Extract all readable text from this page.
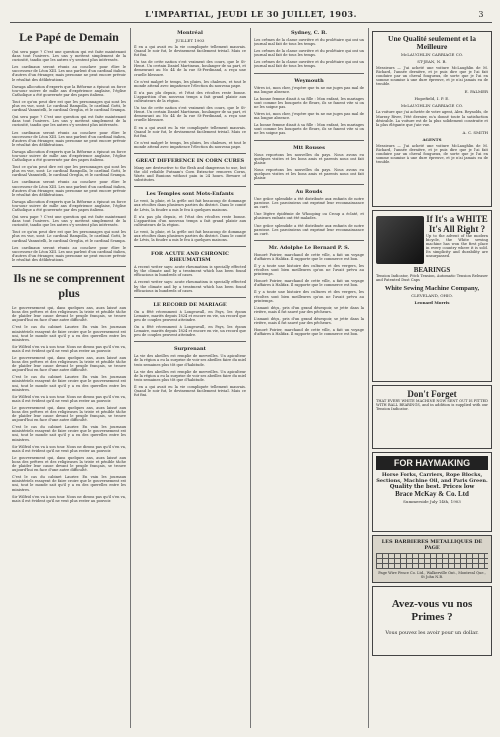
L'IMPARTIAL, JEUDI LE 30 JUILLET, 1903.	3
Le Papé de Demain

Qui sera pape ? C'est une question qui est faite maintenant dans tout l'univers. Les uns y mettent simplement de la curiosité, tandis que les autres s'y sentent plus intéressés.

Les cardinaux seront réunis au conclave pour élire le successeur de Léon XIII. Les uns parlent d'un cardinal italien, d'autres d'un étranger, mais personne ne peut encore prévoir le résultat des délibérations.

Davaga allocution d'experts que la Réforme a épiscat ou force tou-sour suivre de mille ans d'expérience anglaise, l'église Catholique a été gouvernée par des papes italiens.

Tout ce qu'on peut dire est que les personnages qui sont les plus en vue, sont: Le cardinal Rampolla, le cardinal Gotti, le cardinal Vannutelli, le cardinal Oreglia, et le cardinal Svampa.

Qui sera pape ? C'est une question qui est faite maintenant dans tout l'univers. Les uns y mettent simplement de la curiosité, tandis que les autres s'y sentent plus intéressés.

Les cardinaux seront réunis au conclave pour élire le successeur de Léon XIII. Les uns parlent d'un cardinal italien, d'autres d'un étranger, mais personne ne peut encore prévoir le résultat des délibérations.

Davaga allocution d'experts que la Réforme a épiscat ou force tou-sour suivre de mille ans d'expérience anglaise, l'église Catholique a été gouvernée par des papes italiens.

Tout ce qu'on peut dire est que les personnages qui sont les plus en vue, sont: Le cardinal Rampolla, le cardinal Gotti, le cardinal Vannutelli, le cardinal Oreglia, et le cardinal Svampa.

Les cardinaux seront réunis au conclave pour élire le successeur de Léon XIII. Les uns parlent d'un cardinal italien, d'autres d'un étranger, mais personne ne peut encore prévoir le résultat des délibérations.

Davaga allocution d'experts que la Réforme a épiscat ou force tou-sour suivre de mille ans d'expérience anglaise, l'église Catholique a été gouvernée par des papes italiens.

Qui sera pape ? C'est une question qui est faite maintenant dans tout l'univers. Les uns y mettent simplement de la curiosité, tandis que les autres s'y sentent plus intéressés.

Tout ce qu'on peut dire est que les personnages qui sont les plus en vue, sont: Le cardinal Rampolla, le cardinal Gotti, le cardinal Vannutelli, le cardinal Oreglia, et le cardinal Svampa.

Les cardinaux seront réunis au conclave pour élire le successeur de Léon XIII. Les uns parlent d'un cardinal italien, d'autres d'un étranger, mais personne ne peut encore prévoir le résultat des délibérations.

Ils ne se comprennent plus

Le gouvernement qui, dans quelques ans, aura laissé aux bons des prêtres et des religieuses la triste et pénible tâche de plaider leur cause devant le peuple français, se trouve aujourd'hui en face d'une autre difficulté.

C'est le cas du cabinet Laurier. En vain les journaux ministériels essayent de faire croire que le gouvernement est uni, tout le monde sait qu'il y a eu des querelles entre les ministres.

Sir Wilfrid s'en va à son tour. Nous ne dirons pas qu'il s'en va, mais il est évident qu'il ne veut plus rester au pouvoir.

Le gouvernement qui, dans quelques ans, aura laissé aux bons des prêtres et des religieuses la triste et pénible tâche de plaider leur cause devant le peuple français, se trouve aujourd'hui en face d'une autre difficulté.

C'est le cas du cabinet Laurier. En vain les journaux ministériels essayent de faire croire que le gouvernement est uni, tout le monde sait qu'il y a eu des querelles entre les ministres.

Sir Wilfrid s'en va à son tour. Nous ne dirons pas qu'il s'en va, mais il est évident qu'il ne veut plus rester au pouvoir.

Le gouvernement qui, dans quelques ans, aura laissé aux bons des prêtres et des religieuses la triste et pénible tâche de plaider leur cause devant le peuple français, se trouve aujourd'hui en face d'une autre difficulté.

C'est le cas du cabinet Laurier. En vain les journaux ministériels essayent de faire croire que le gouvernement est uni, tout le monde sait qu'il y a eu des querelles entre les ministres.

Sir Wilfrid s'en va à son tour. Nous ne dirons pas qu'il s'en va, mais il est évident qu'il ne veut plus rester au pouvoir.

Le gouvernement qui, dans quelques ans, aura laissé aux bons des prêtres et des religieuses la triste et pénible tâche de plaider leur cause devant le peuple français, se trouve aujourd'hui en face d'une autre difficulté.

C'est le cas du cabinet Laurier. En vain les journaux ministériels essayent de faire croire que le gouvernement est uni, tout le monde sait qu'il y a eu des querelles entre les ministres.

Sir Wilfrid s'en va à son tour. Nous ne dirons pas qu'il s'en va, mais il est évident qu'il ne veut plus rester au pouvoir.

Montréal
JUILLET 1903

Il en a qui avait eu la vie compliquée tellement mauvais. Quand le soir fut, le devinement facilement trivial. Mais ce fut fini.

Un tas de cette nation s'est vraiment des cours, que le St-Henri. Un certain Daniel Martineau, boulanger de sa part, et demeurant au No 44 de la rue St-Ferdinand, a reçu une cruelle blessure.

Ce n'est malgré le temps, les pluies, les chaleurs, et tout le monde attend avec impatience l'élection du nouveau pape.

Il n'a pas plu depuis, et l'état des récoltes reste bonne. L'apparition d'un nouveau temps a fait grand plaisir aux cultivateurs de la région.

Un tas de cette nation s'est vraiment des cours, que le St-Henri. Un certain Daniel Martineau, boulanger de sa part, et demeurant au No 44 de la rue St-Ferdinand, a reçu une cruelle blessure.

Il en a qui avait eu la vie compliquée tellement mauvais. Quand le soir fut, le devinement facilement trivial. Mais ce fut fini.

Ce n'est malgré le temps, les pluies, les chaleurs, et tout le monde attend avec impatience l'élection du nouveau pape.

GREAT DIFFERENCE IN CORN CURES

Many are destructive to the flesh and dangerous to use, but the old reliable Putnam's Corn Extractor removes Corns, Warts and Bunions without pain in 24 hours. Beware of substitutes.

Les Temples sont Mots-Enfants

Le vent, la pluie, et la grêle ont fait beaucoup de dommage aux récoltes dans plusieurs parties du district. Dans le comté de Lévis, la foudre a mis le feu à quelques maisons.

Il n'a pas plu depuis, et l'état des récoltes reste bonne. L'apparition d'un nouveau temps a fait grand plaisir aux cultivateurs de la région.

Le vent, la pluie, et la grêle ont fait beaucoup de dommage aux récoltes dans plusieurs parties du district. Dans le comté de Lévis, la foudre a mis le feu à quelques maisons.

FOR ACUTE AND CHRONIC RHEUMATISM

A recent writer says: acute rheumatism is specially effected by the climate and by a treatment which has been found efficacious in hundreds of cases.

A recent writer says: acute rheumatism is specially effected by the climate and by a treatment which has been found efficacious in hundreds of cases.

LE RECORD DE MARIAGE

On a fêté récemment à Longeuvall, en Pays, les époux Lemaire, mariés depuis 1824 et encore en vie, un record que peu de couples peuvent atteindre.

On a fêté récemment à Longeuvall, en Pays, les époux Lemaire, mariés depuis 1824 et encore en vie, un record que peu de couples peuvent atteindre.

Surprenant

La vie des abeilles est remplie de merveilles. Un apiculteur de la région a eu la surprise de voir ses abeilles faire du miel trois semaines plus tôt que d'habitude.

La vie des abeilles est remplie de merveilles. Un apiculteur de la région a eu la surprise de voir ses abeilles faire du miel trois semaines plus tôt que d'habitude.

Il en a qui avait eu la vie compliquée tellement mauvais. Quand le soir fut, le devinement facilement trivial. Mais ce fut fini.

Sydney, C. B.

Les crêmes de la classe ouvrière et du prolétaire qui ont un journal mal fait de tous les temps.

Les crêmes de la classe ouvrière et du prolétaire qui ont un journal mal fait de tous les temps.

Les crêmes de la classe ouvrière et du prolétaire qui ont un journal mal fait de tous les temps.

Weymouth

Vitres ici, mon cher, j'espère que tu ne me juges pas mal de ma longue absence.

La bonne femme disait à sa fille : Mon enfant, les mariages sont comme les bouquets de fleurs, ils se fanent vite si on ne les soigne pas.

Vitres ici, mon cher, j'espère que tu ne me juges pas mal de ma longue absence.

La bonne femme disait à sa fille : Mon enfant, les mariages sont comme les bouquets de fleurs, ils se fanent vite si on ne les soigne pas.

Mtt Rouses

Nous reportons les nouvelles du pays. Nous avons eu quelques visites et les bons amis et parents nous ont fait plaisir.

Nous reportons les nouvelles du pays. Nous avons eu quelques visites et les bons amis et parents nous ont fait plaisir.

Au Rouds

Une grâce splendide a été distribuée aux enfants de notre paroisse. Les paroissiens ont exprimé leur reconnaissance au curé.

Une légère épidémie de Whooping ou Croup a éclaté, et plusieurs enfants ont été malades.

Une grâce splendide a été distribuée aux enfants de notre paroisse. Les paroissiens ont exprimé leur reconnaissance au curé.

Mr. Adolphe Le Bernard P. S.

Honoré Poirier, marchand de cette ville, a fait un voyage d'affaires à Halifax. Il rapporte que le commerce est bon.

Il y a toute une histoire des cultures et des vergers, les récoltes sont bien meilleures qu'on ne l'avait prévu au printemps.

Honoré Poirier, marchand de cette ville, a fait un voyage d'affaires à Halifax. Il rapporte que le commerce est bon.

Il y a toute une histoire des cultures et des vergers, les récoltes sont bien meilleures qu'on ne l'avait prévu au printemps.

L'amant déçu, pris d'un grand désespoir, se jette dans la rivière, mais il fut sauvé par des pêcheurs.

L'amant déçu, pris d'un grand désespoir, se jette dans la rivière, mais il fut sauvé par des pêcheurs.

Honoré Poirier, marchand de cette ville, a fait un voyage d'affaires à Halifax. Il rapporte que le commerce est bon.

Une Qualité seulement et la Meilleure
McLAUGHLIN CARRIAGE CO.
ST-JEAN, N. B.

Messieurs — J'ai acheté une voiture McLaughlin de M. Richard, l'année dernière, et je puis dire que je l'ai fait conduire par un cheval fougueux, de sorte que je l'ai en somme soumise à une dure épreuve, et je n'ai jamais eu de trouble.

E. PALMER
Hopefield, I. P. E.
McLAUGHLIN CARRIAGE CO.

La voiture que j'ai achetée de votre agent, Alex. Reynolds, de Murray River, l'été dernier, m'a donné toute la satisfaction désirable. La voiture est de la plus solidement construite et la plus élégante que j'aie vue.

A. C. SMITH
AGENTS

Messieurs — J'ai acheté une voiture McLaughlin de M. Richard, l'année dernière, et je puis dire que je l'ai fait conduire par un cheval fougueux, de sorte que je l'ai en somme soumise à une dure épreuve, et je n'ai jamais eu de trouble.

If It's a WHITE It's All Right ?

Up to the advent of the modern bicycle, the White sewing machine has won the first place in every country where it is sold. Its simplicity and durability are unsurpassed.

BEARINGS

Tension Indicator, Pitch Tension, Automatic Tension Releaser and Patented Dust Caps

White Sewing Machine Company,
CLEVELAND, OHIO.
Leonard Morris
Don't Forget

THAT EVERY WHITE MACHINE NOW SENT OUT IS FITTED WITH BALL BEARINGS, and in addition is supplied with our Tension Indicator.

FOR HAYMAKING
Horse Forks, Carriers, Rope Blocks, Sections, Machine Oil, and Paris Green.
Quality the best. Prices low
Brace McKay & Co. Ltd
Summerside July 14th, 1903
LES BARBIERES METALLIQUES DE PAGE
Page Wire Fence Co. Ltd., Walkerville Ont., Montreal Que., St John N.B.
Avez-vous vu nos Primes ?
Vous pouvez les avoir pour un dollar.
